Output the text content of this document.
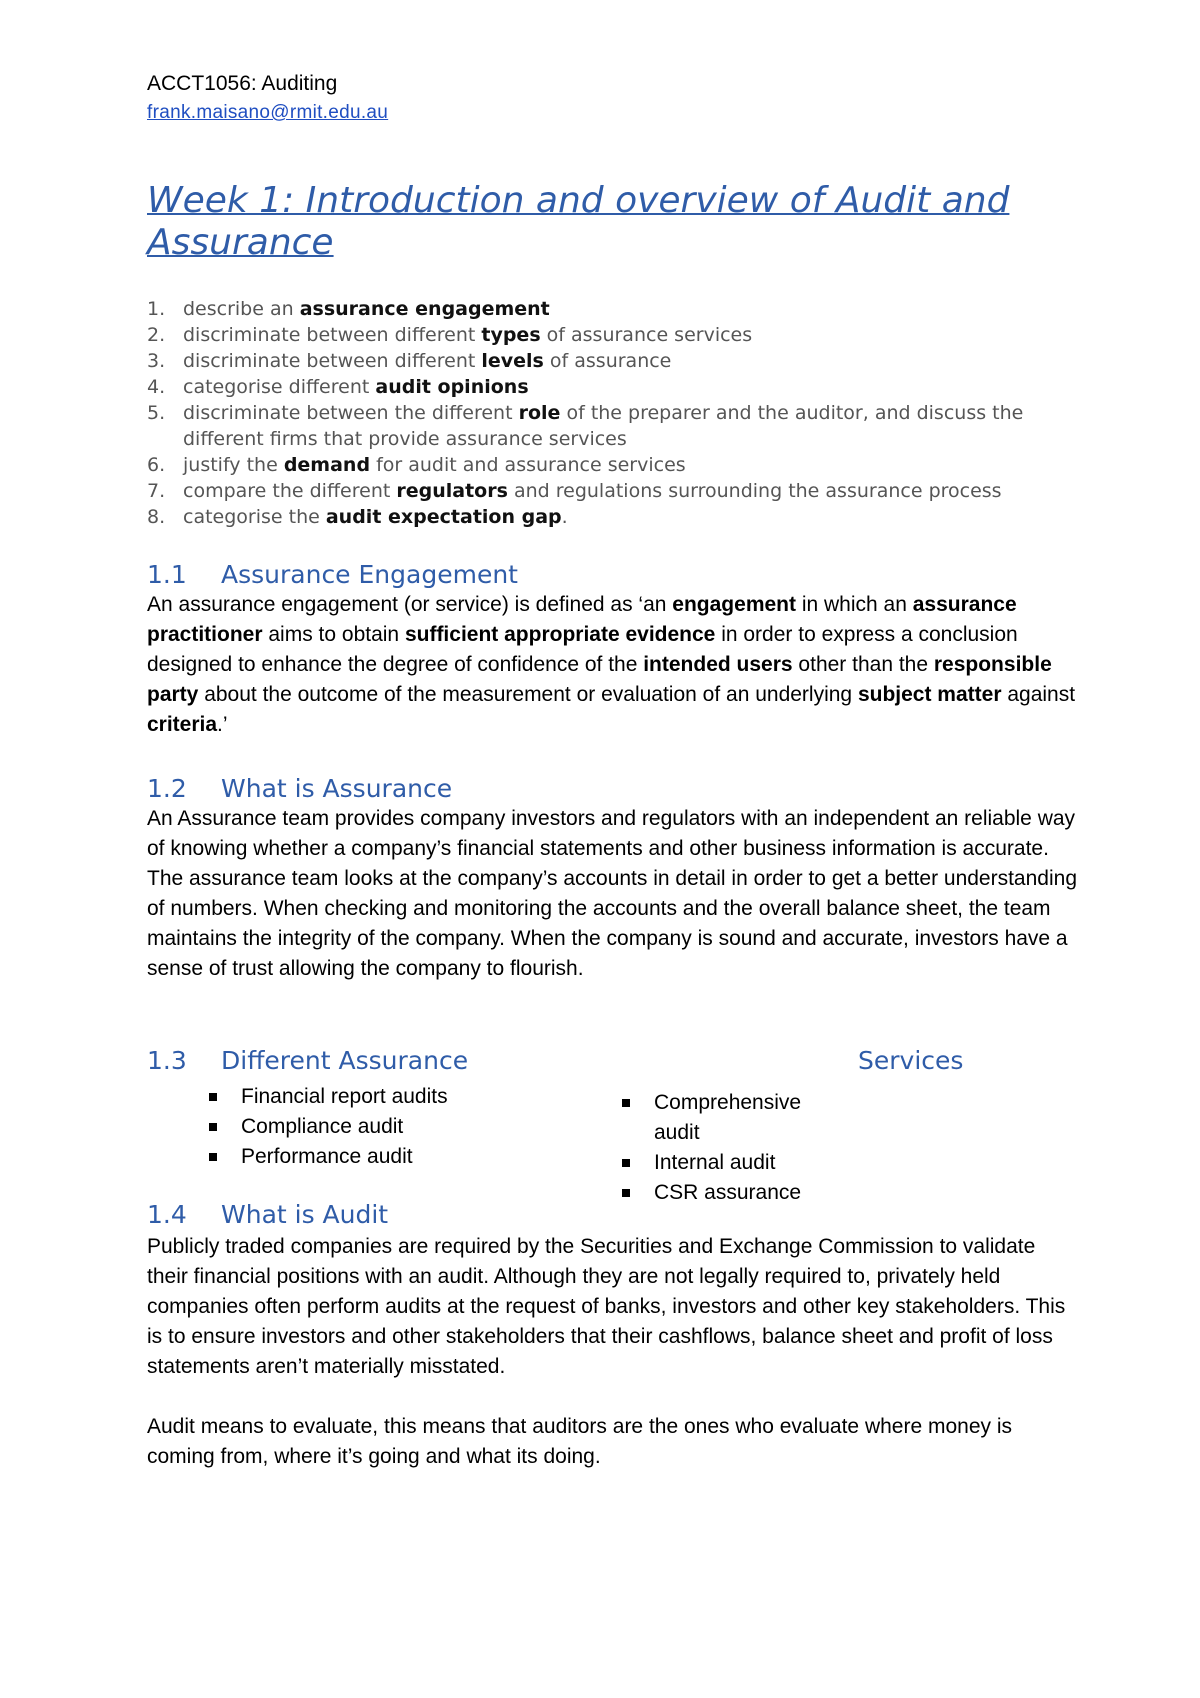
ACCT1056: Auditing
frank.maisano@rmit.edu.au
Week 1: Introduction and overview of Audit and
Assurance
1. describe an assurance engagement
2. discriminate between different types of assurance services
3. discriminate between different levels of assurance
4. categorise different audit opinions
5. discriminate between the different role of the preparer and the auditor, and discuss the different firms that provide assurance services
6. justify the demand for audit and assurance services
7. compare the different regulators and regulations surrounding the assurance process
8. categorise the audit expectation gap.
1.1 Assurance Engagement
An assurance engagement (or service) is defined as ‘an engagement in which an assurance practitioner aims to obtain sufficient appropriate evidence in order to express a conclusion designed to enhance the degree of confidence of the intended users other than the responsible party about the outcome of the measurement or evaluation of an underlying subject matter against criteria.’
1.2 What is Assurance
An Assurance team provides company investors and regulators with an independent an reliable way of knowing whether a company’s financial statements and other business information is accurate. The assurance team looks at the company’s accounts in detail in order to get a better understanding of numbers. When checking and monitoring the accounts and the overall balance sheet, the team maintains the integrity of the company. When the company is sound and accurate, investors have a sense of trust allowing the company to flourish.
1.3 Different Assurance	Services
Financial report audits
Compliance audit
Performance audit
Comprehensive audit
Internal audit
CSR assurance
1.4 What is Audit
Publicly traded companies are required by the Securities and Exchange Commission to validate their financial positions with an audit. Although they are not legally required to, privately held companies often perform audits at the request of banks, investors and other key stakeholders. This is to ensure investors and other stakeholders that their cashflows, balance sheet and profit of loss statements aren’t materially misstated.
Audit means to evaluate, this means that auditors are the ones who evaluate where money is coming from, where it’s going and what its doing.
